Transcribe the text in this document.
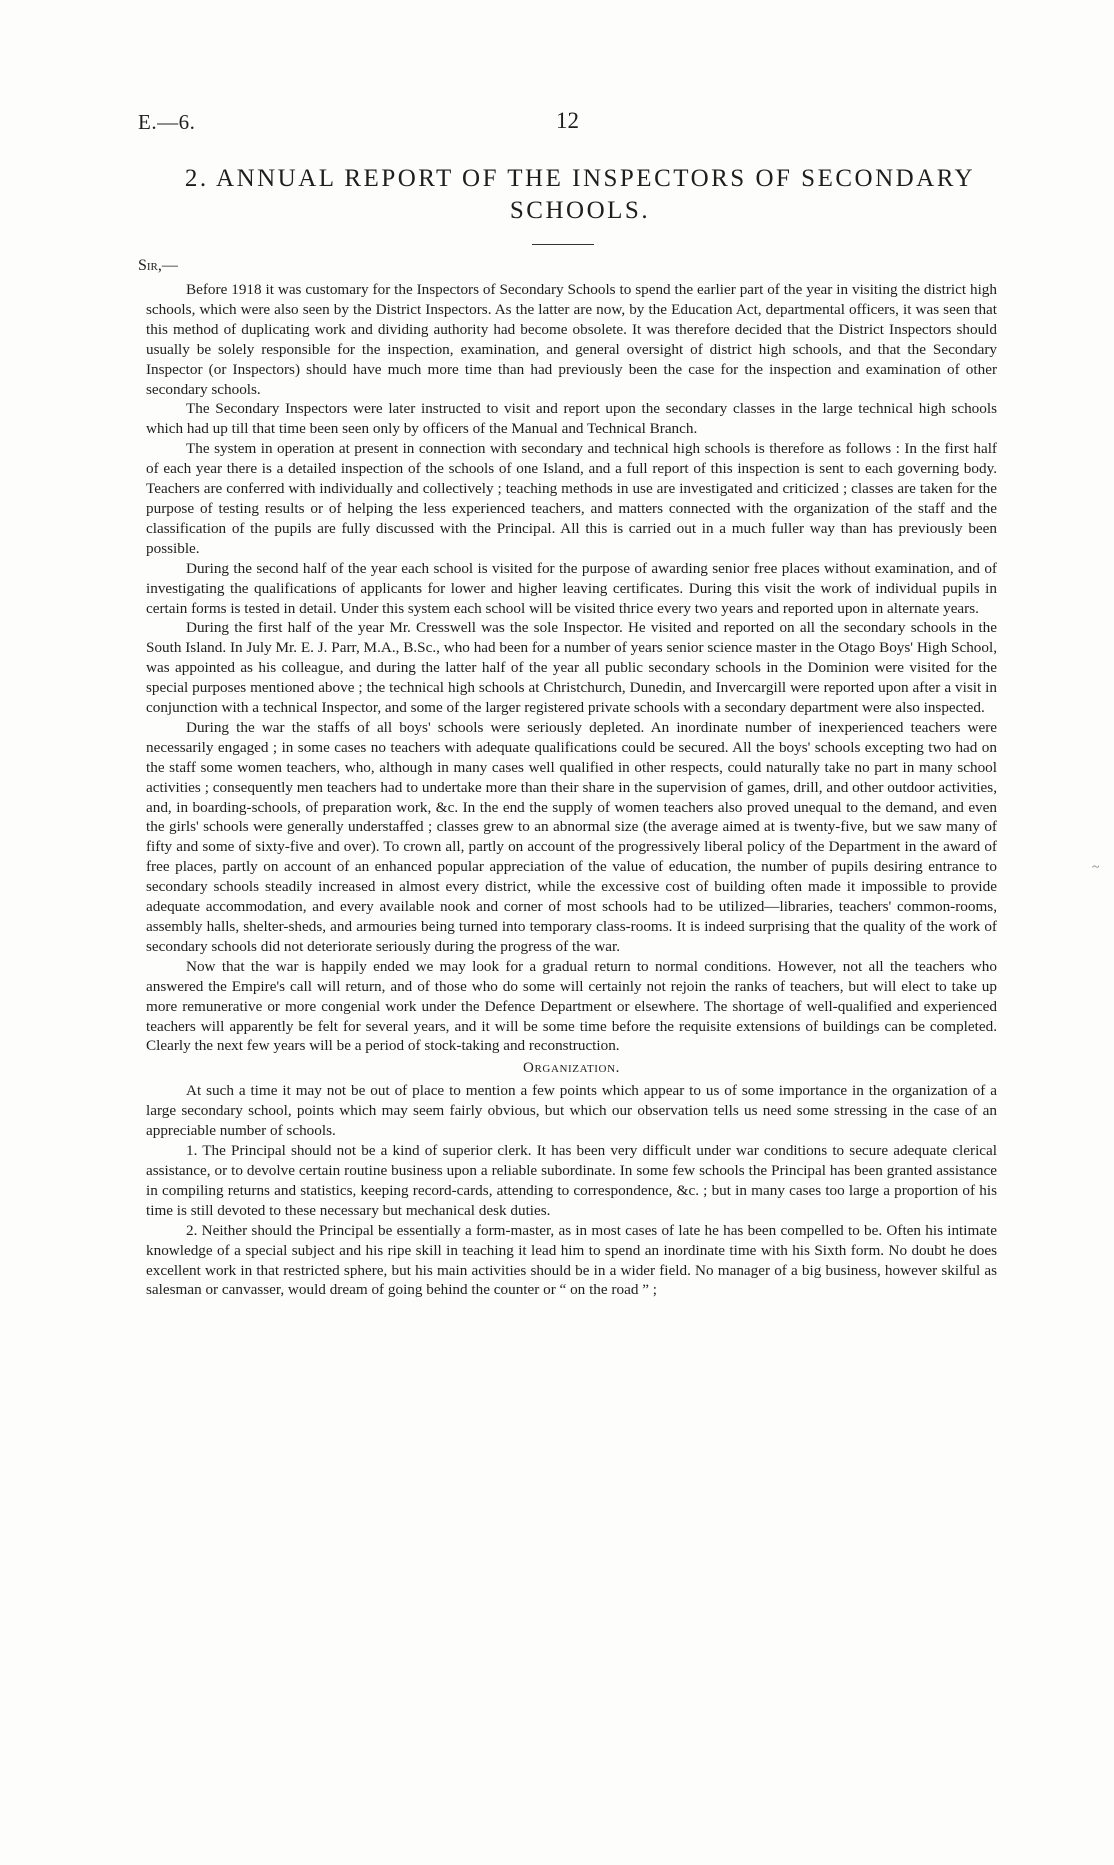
E.—6.	12
2. ANNUAL REPORT OF THE INSPECTORS OF SECONDARY SCHOOLS.
Sir,—

Before 1918 it was customary for the Inspectors of Secondary Schools to spend the earlier part of the year in visiting the district high schools, which were also seen by the District Inspectors. As the latter are now, by the Education Act, departmental officers, it was seen that this method of duplicating work and dividing authority had become obsolete. It was therefore decided that the District Inspectors should usually be solely responsible for the inspection, examination, and general oversight of district high schools, and that the Secondary Inspector (or Inspectors) should have much more time than had previously been the case for the inspection and examination of other secondary schools.

The Secondary Inspectors were later instructed to visit and report upon the secondary classes in the large technical high schools which had up till that time been seen only by officers of the Manual and Technical Branch.

The system in operation at present in connection with secondary and technical high schools is therefore as follows : In the first half of each year there is a detailed inspection of the schools of one Island, and a full report of this inspection is sent to each governing body. Teachers are conferred with individually and collectively ; teaching methods in use are investigated and criticized ; classes are taken for the purpose of testing results or of helping the less experienced teachers, and matters connected with the organization of the staff and the classification of the pupils are fully discussed with the Principal. All this is carried out in a much fuller way than has previously been possible.

During the second half of the year each school is visited for the purpose of awarding senior free places without examination, and of investigating the qualifications of applicants for lower and higher leaving certificates. During this visit the work of individual pupils in certain forms is tested in detail. Under this system each school will be visited thrice every two years and reported upon in alternate years.

During the first half of the year Mr. Cresswell was the sole Inspector. He visited and reported on all the secondary schools in the South Island. In July Mr. E. J. Parr, M.A., B.Sc., who had been for a number of years senior science master in the Otago Boys' High School, was appointed as his colleague, and during the latter half of the year all public secondary schools in the Dominion were visited for the special purposes mentioned above ; the technical high schools at Christchurch, Dunedin, and Invercargill were reported upon after a visit in conjunction with a technical Inspector, and some of the larger registered private schools with a secondary department were also inspected.

During the war the staffs of all boys' schools were seriously depleted. An inordinate number of inexperienced teachers were necessarily engaged ; in some cases no teachers with adequate qualifications could be secured. All the boys' schools excepting two had on the staff some women teachers, who, although in many cases well qualified in other respects, could naturally take no part in many school activities ; consequently men teachers had to undertake more than their share in the supervision of games, drill, and other outdoor activities, and, in boarding-schools, of preparation work, &c. In the end the supply of women teachers also proved unequal to the demand, and even the girls' schools were generally understaffed ; classes grew to an abnormal size (the average aimed at is twenty-five, but we saw many of fifty and some of sixty-five and over). To crown all, partly on account of the progressively liberal policy of the Department in the award of free places, partly on account of an enhanced popular appreciation of the value of education, the number of pupils desiring entrance to secondary schools steadily increased in almost every district, while the excessive cost of building often made it impossible to provide adequate accommodation, and every available nook and corner of most schools had to be utilized—libraries, teachers' common-rooms, assembly halls, shelter-sheds, and armouries being turned into temporary class-rooms. It is indeed surprising that the quality of the work of secondary schools did not deteriorate seriously during the progress of the war.

Now that the war is happily ended we may look for a gradual return to normal conditions. However, not all the teachers who answered the Empire's call will return, and of those who do some will certainly not rejoin the ranks of teachers, but will elect to take up more remunerative or more congenial work under the Defence Department or elsewhere. The shortage of well-qualified and experienced teachers will apparently be felt for several years, and it will be some time before the requisite extensions of buildings can be completed. Clearly the next few years will be a period of stock-taking and reconstruction.

Organization.

At such a time it may not be out of place to mention a few points which appear to us of some importance in the organization of a large secondary school, points which may seem fairly obvious, but which our observation tells us need some stressing in the case of an appreciable number of schools.

1. The Principal should not be a kind of superior clerk. It has been very difficult under war conditions to secure adequate clerical assistance, or to devolve certain routine business upon a reliable subordinate. In some few schools the Principal has been granted assistance in compiling returns and statistics, keeping record-cards, attending to correspondence, &c. ; but in many cases too large a proportion of his time is still devoted to these necessary but mechanical desk duties.

2. Neither should the Principal be essentially a form-master, as in most cases of late he has been compelled to be. Often his intimate knowledge of a special subject and his ripe skill in teaching it lead him to spend an inordinate time with his Sixth form. No doubt he does excellent work in that restricted sphere, but his main activities should be in a wider field. No manager of a big business, however skilful as salesman or canvasser, would dream of going behind the counter or “ on the road ” ;

~
